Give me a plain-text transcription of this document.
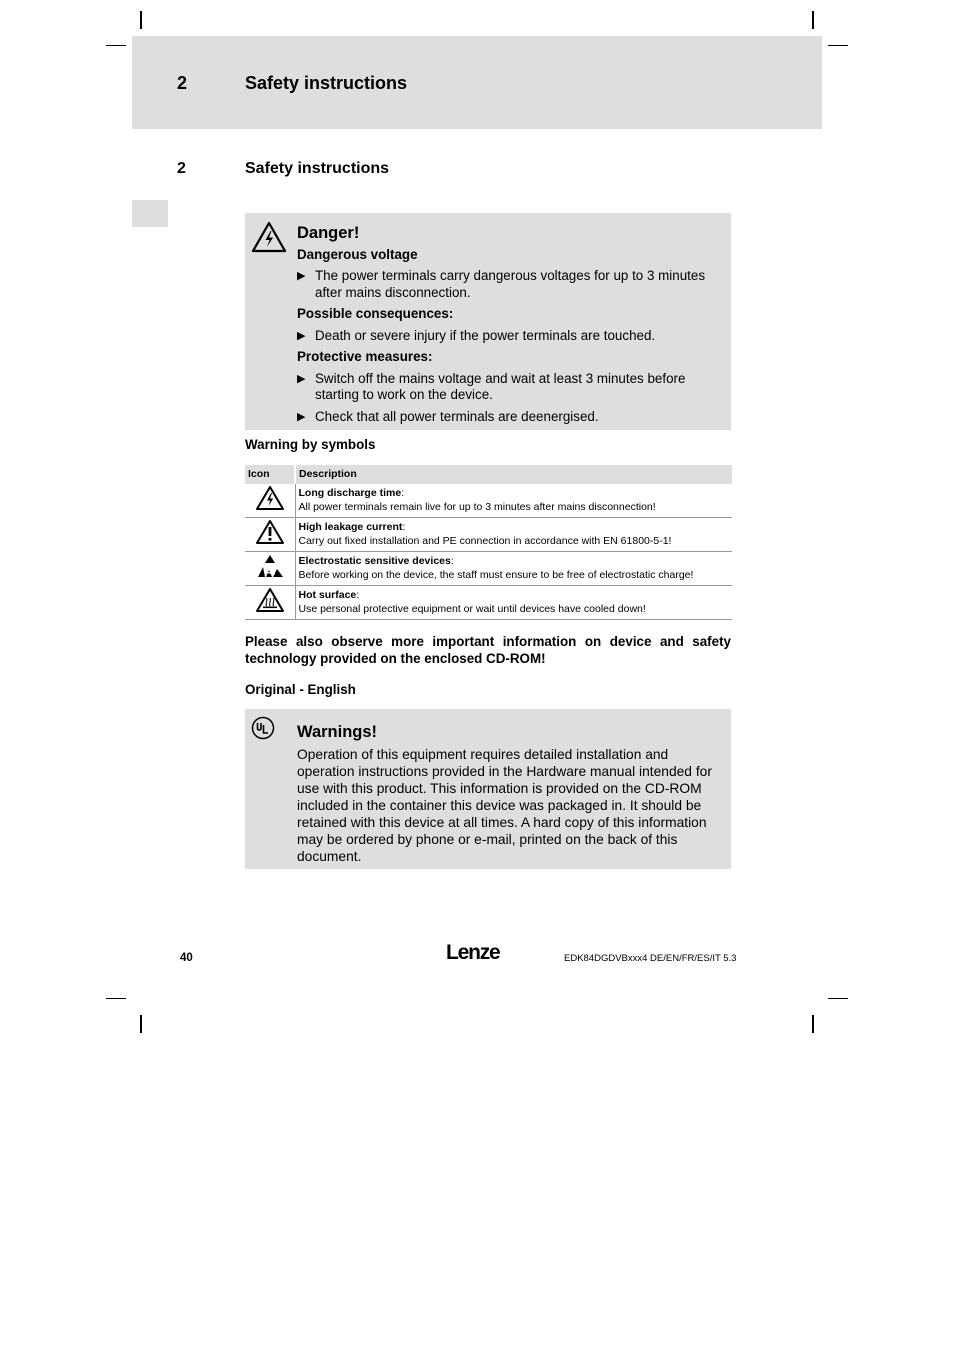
2	Safety instructions
2	Safety instructions
Danger!
Dangerous voltage
▶ The power terminals carry dangerous voltages for up to 3 minutes after mains disconnection.
Possible consequences:
▶ Death or severe injury if the power terminals are touched.
Protective measures:
▶ Switch off the mains voltage and wait at least 3 minutes before starting to work on the device.
▶ Check that all power terminals are deenergised.
Warning by symbols
Icon	Description
	Long discharge time:
All power terminals remain live for up to 3 minutes after mains disconnection!
	High leakage current:
Carry out fixed installation and PE connection in accordance with EN 61800-5-1!
	Electrostatic sensitive devices:
Before working on the device, the staff must ensure to be free of electrostatic charge!
	Hot surface:
Use personal protective equipment or wait until devices have cooled down!
Please also observe more important information on device and safety technology provided on the enclosed CD-ROM!
Original - English
Warnings!
Operation of this equipment requires detailed installation and operation instructions provided in the Hardware manual intended for use with this product. This information is provided on the CD-ROM included in the container this device was packaged in. It should be retained with this device at all times. A hard copy of this information may be ordered by phone or e-mail, printed on the back of this document.
40	Lenze	EDK84DGDVBxxx4 DE/EN/FR/ES/IT 5.3
